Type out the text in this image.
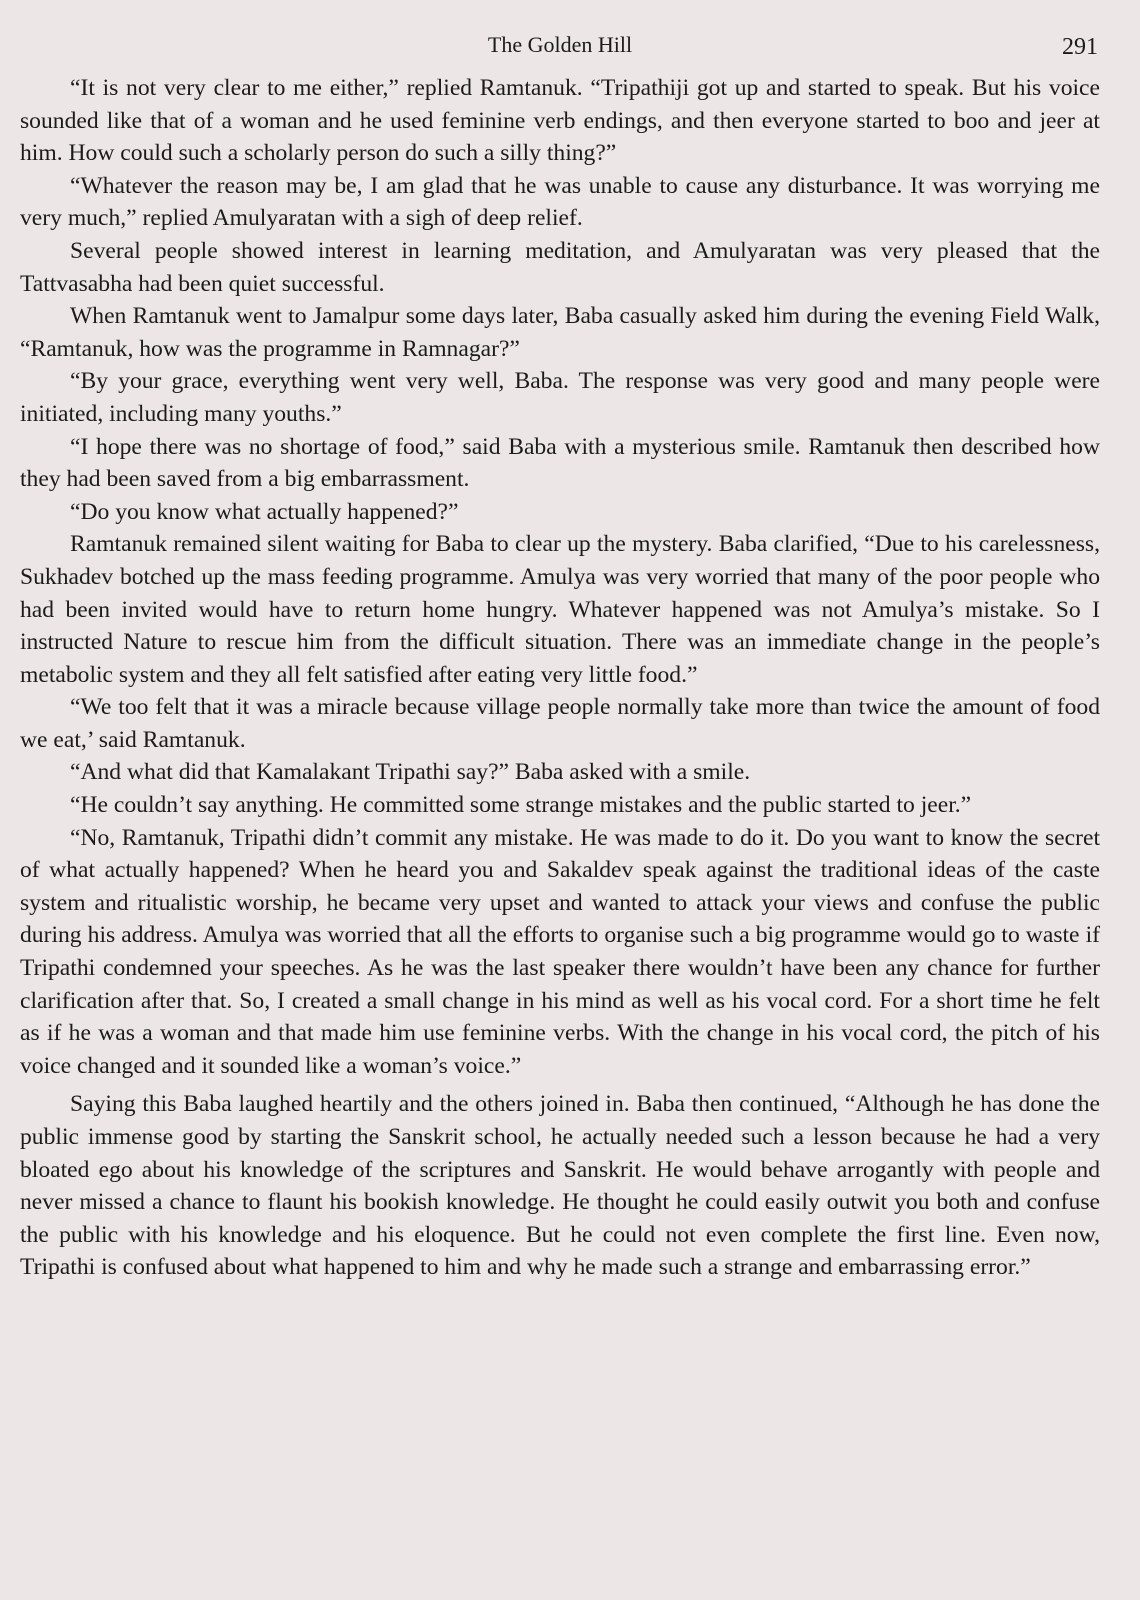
The Golden Hill	291

“It is not very clear to me either,” replied Ramtanuk. “Tripathiji got up and started to speak. But his voice sounded like that of a woman and he used feminine verb endings, and then everyone started to boo and jeer at him. How could such a scholarly person do such a silly thing?”

“Whatever the reason may be, I am glad that he was unable to cause any disturbance. It was worrying me very much,” replied Amulyaratan with a sigh of deep relief.

Several people showed interest in learning meditation, and Amulyaratan was very pleased that the Tattvasabha had been quiet successful.

When Ramtanuk went to Jamalpur some days later, Baba casually asked him during the evening Field Walk, “Ramtanuk, how was the programme in Ramnagar?”

“By your grace, everything went very well, Baba. The response was very good and many people were initiated, including many youths.”

“I hope there was no shortage of food,” said Baba with a mysterious smile. Ramtanuk then described how they had been saved from a big embarrassment.

“Do you know what actually happened?”

Ramtanuk remained silent waiting for Baba to clear up the mystery. Baba clarified, “Due to his carelessness, Sukhadev botched up the mass feeding programme. Amulya was very worried that many of the poor people who had been invited would have to return home hungry. Whatever happened was not Amulya’s mistake. So I instructed Nature to rescue him from the difficult situation. There was an immediate change in the people’s metabolic system and they all felt satisfied after eating very little food.”

“We too felt that it was a miracle because village people normally take more than twice the amount of food we eat,’ said Ramtanuk.

“And what did that Kamalakant Tripathi say?” Baba asked with a smile.

“He couldn’t say anything. He committed some strange mistakes and the public started to jeer.”

“No, Ramtanuk, Tripathi didn’t commit any mistake. He was made to do it. Do you want to know the secret of what actually happened? When he heard you and Sakaldev speak against the traditional ideas of the caste system and ritualistic worship, he became very upset and wanted to attack your views and confuse the public during his address. Amulya was worried that all the efforts to organise such a big programme would go to waste if Tripathi condemned your speeches. As he was the last speaker there wouldn’t have been any chance for further clarification after that. So, I created a small change in his mind as well as his vocal cord. For a short time he felt as if he was a woman and that made him use feminine verbs. With the change in his vocal cord, the pitch of his voice changed and it sounded like a woman’s voice.”

Saying this Baba laughed heartily and the others joined in. Baba then continued, “Although he has done the public immense good by starting the Sanskrit school, he actually needed such a lesson because he had a very bloated ego about his knowledge of the scriptures and Sanskrit. He would behave arrogantly with people and never missed a chance to flaunt his bookish knowledge. He thought he could easily outwit you both and confuse the public with his knowledge and his eloquence. But he could not even complete the first line. Even now, Tripathi is confused about what happened to him and why he made such a strange and embarrassing error.”
